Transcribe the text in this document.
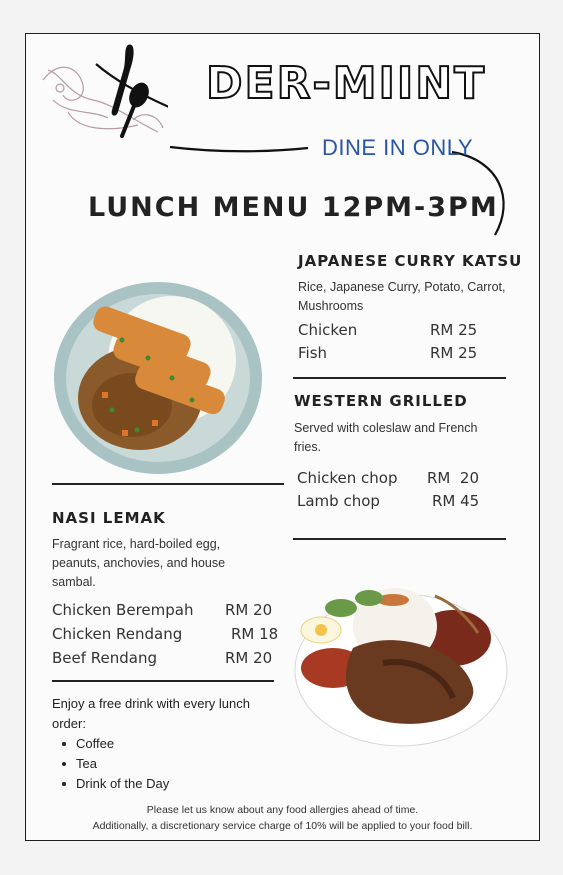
DER-MIINT
DINE IN ONLY
LUNCH MENU 12PM-3PM
JAPANESE CURRY KATSU
Rice, Japanese Curry, Potato, Carrot,
Mushrooms
Chicken	RM 25
Fish	RM 25
WESTERN GRILLED
Served with coleslaw and French
fries.
Chicken chop RM  20
Lamb chop	RM 45
NASI LEMAK
Fragrant rice, hard-boiled egg,
peanuts, anchovies, and house
sambal.
Chicken Berempah RM 20
Chicken Rendang	RM 18
Beef Rendang	RM 20
Enjoy a free drink with every lunch
order:
Coffee
Tea
Drink of the Day
Please let us know about any food allergies ahead of time.
Additionally, a discretionary service charge of 10% will be applied to your food bill.
